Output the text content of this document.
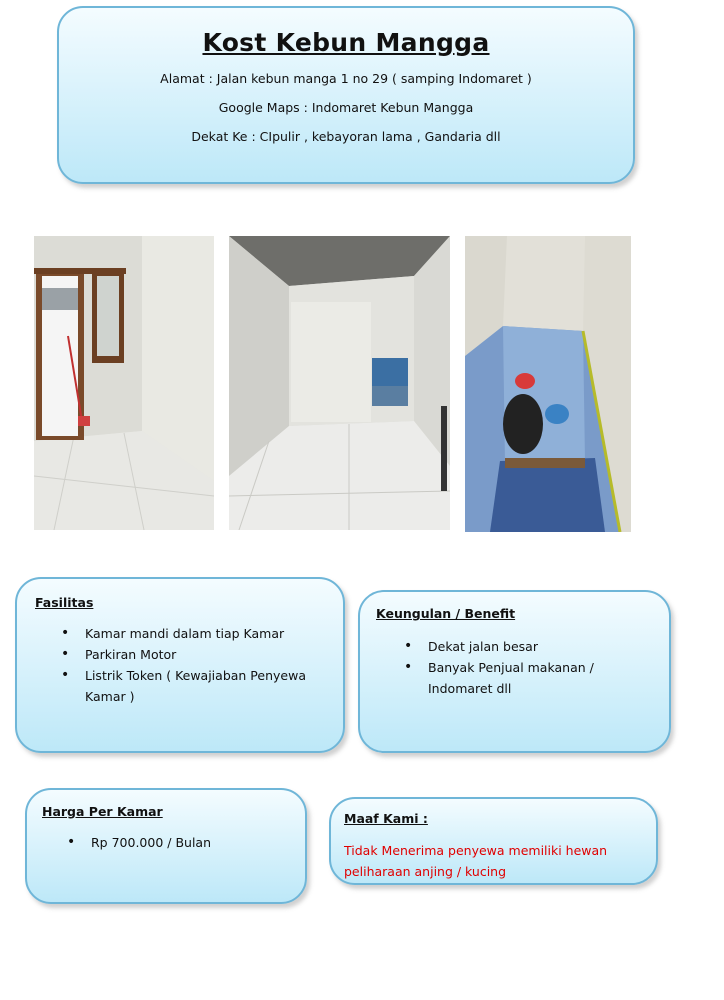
Kost Kebun Mangga
Alamat : Jalan kebun manga 1 no 29 ( samping Indomaret )
Google Maps : Indomaret Kebun Mangga
Dekat Ke : CIpulir , kebayoran lama , Gandaria dll
Fasilitas
• Kamar mandi dalam tiap Kamar
• Parkiran Motor
• Listrik Token ( Kewajiaban Penyewa Kamar )
Keungulan / Benefit
• Dekat jalan besar
• Banyak Penjual makanan / Indomaret dll
Harga Per Kamar
• Rp 700.000 / Bulan
Maaf Kami :
Tidak Menerima penyewa memiliki hewan peliharaan anjing / kucing
